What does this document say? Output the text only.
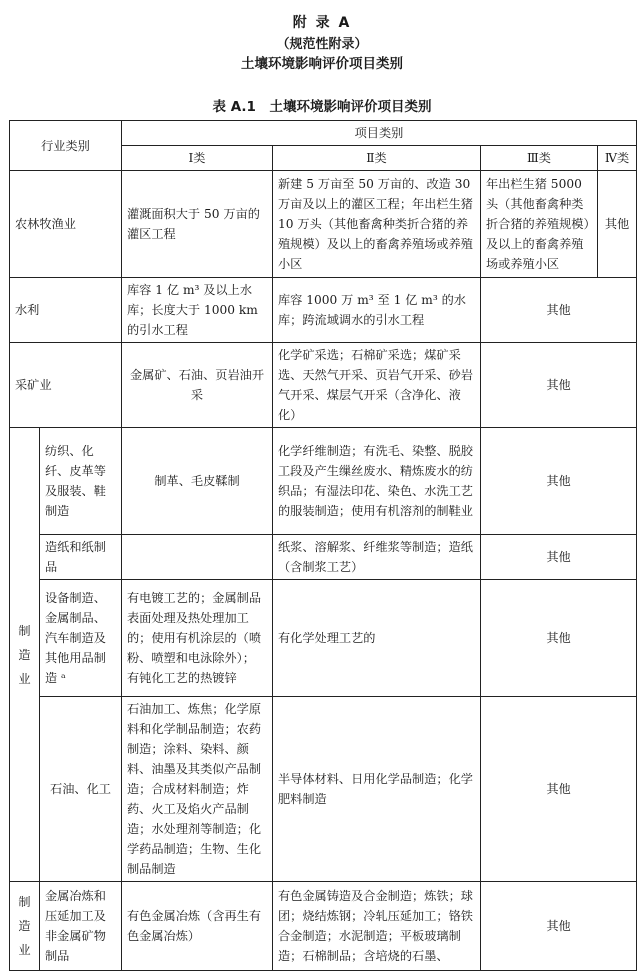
附 录 A
（规范性附录）
土壤环境影响评价项目类别
表 A.1　土壤环境影响评价项目类别
行业类别		项目类别			
		Ⅰ类	Ⅱ类	Ⅲ类	Ⅳ类
农林牧渔业		灌溉面积大于 50 万亩的灌区工程	新建 5 万亩至 50 万亩的、改造 30 万亩及以上的灌区工程；年出栏生猪 10 万头（其他畜禽种类折合猪的养殖规模）及以上的畜禽养殖场或养殖小区	年出栏生猪 5000 头（其他畜禽种类折合猪的养殖规模）及以上的畜禽养殖场或养殖小区	其他
水利		库容 1 亿 m³ 及以上水库；长度大于 1000 km 的引水工程	库容 1000 万 m³ 至 1 亿 m³ 的水库；跨流域调水的引水工程	其他	
采矿业		金属矿、石油、页岩油开采	化学矿采选；石棉矿采选；煤矿采选、天然气开采、页岩气开采、砂岩气开采、煤层气开采（含净化、液化）	其他	
制造业	纺织、化纤、皮革等及服装、鞋制造	制革、毛皮鞣制	化学纤维制造；有洗毛、染整、脱胶工段及产生缫丝废水、精炼废水的纺织品；有湿法印花、染色、水洗工艺的服装制造；使用有机溶剂的制鞋业	其他	
	造纸和纸制品		纸浆、溶解浆、纤维浆等制造；造纸（含制浆工艺）	其他	
	设备制造、金属制品、汽车制造及其他用品制造 ᵃ	有电镀工艺的；金属制品表面处理及热处理加工的；使用有机涂层的（喷粉、喷塑和电泳除外）；有钝化工艺的热镀锌	有化学处理工艺的	其他	
	石油、化工	石油加工、炼焦；化学原料和化学制品制造；农药制造；涂料、染料、颜料、油墨及其类似产品制造；合成材料制造；炸药、火工及焰火产品制造；水处理剂等制造；化学药品制造；生物、生化制品制造	半导体材料、日用化学品制造；化学肥料制造	其他	
制造业	金属冶炼和压延加工及非金属矿物制品	有色金属冶炼（含再生有色金属冶炼）	有色金属铸造及合金制造；炼铁；球团；烧结炼钢；冷轧压延加工；铬铁合金制造；水泥制造；平板玻璃制造；石棉制品；含培烧的石墨、	其他	
